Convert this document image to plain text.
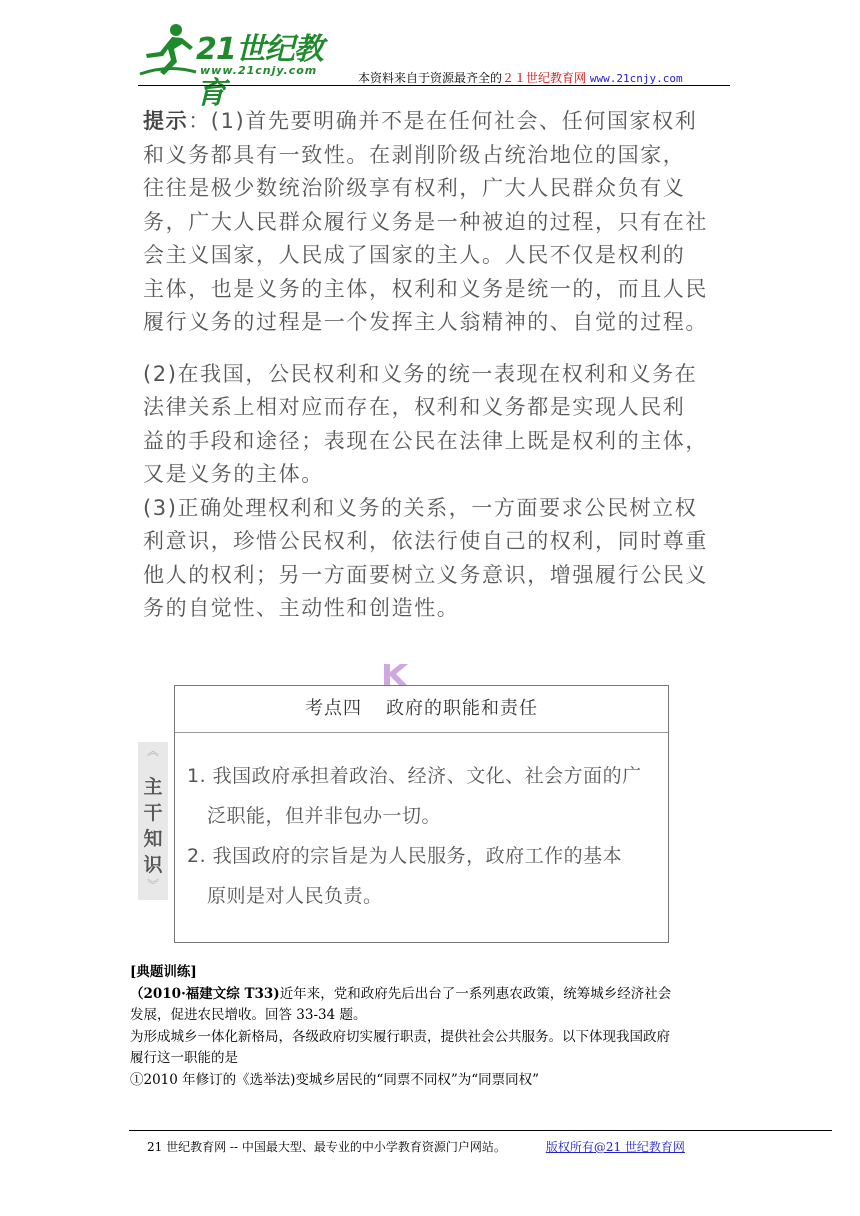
21世纪教育
www.21cnjy.com
本资料来自于资源最齐全的２１世纪教育网 www.21cnjy.com

提示：(1)首先要明确并不是在任何社会、任何国家权利

和义务都具有一致性。在剥削阶级占统治地位的国家，

往往是极少数统治阶级享有权利，广大人民群众负有义

务，广大人民群众履行义务是一种被迫的过程，只有在社

会主义国家，人民成了国家的主人。人民不仅是权利的

主体，也是义务的主体，权利和义务是统一的，而且人民

履行义务的过程是一个发挥主人翁精神的、自觉的过程。

(2)在我国，公民权利和义务的统一表现在权利和义务在

法律关系上相对应而存在，权利和义务都是实现人民利

益的手段和途径；表现在公民在法律上既是权利的主体，

又是义务的主体。

(3)正确处理权利和义务的关系，一方面要求公民树立权

利意识，珍惜公民权利，依法行使自己的权利，同时尊重

他人的权利；另一方面要树立义务意识，增强履行公民义

务的自觉性、主动性和创造性。

︽
主
干
知
识
︾
考点四 政府的职能和责任
1. 我国政府承担着政治、经济、文化、社会方面的广
泛职能，但并非包办一切。
2. 我国政府的宗旨是为人民服务，政府工作的基本
原则是对人民负责。

[典题训练]

（2010·福建文综 T33)近年来，党和政府先后出台了一系列惠农政策，统筹城乡经济社会

发展，促进农民增收。回答 33-34 题。

为形成城乡一体化新格局，各级政府切实履行职责，提供社会公共服务。以下体现我国政府

履行这一职能的是

①2010 年修订的《选举法)变城乡居民的“同票不同权”为“同票同权”

21 世纪教育网 -- 中国最大型、最专业的中小学教育资源门户网站。	版权所有@21 世纪教育网
